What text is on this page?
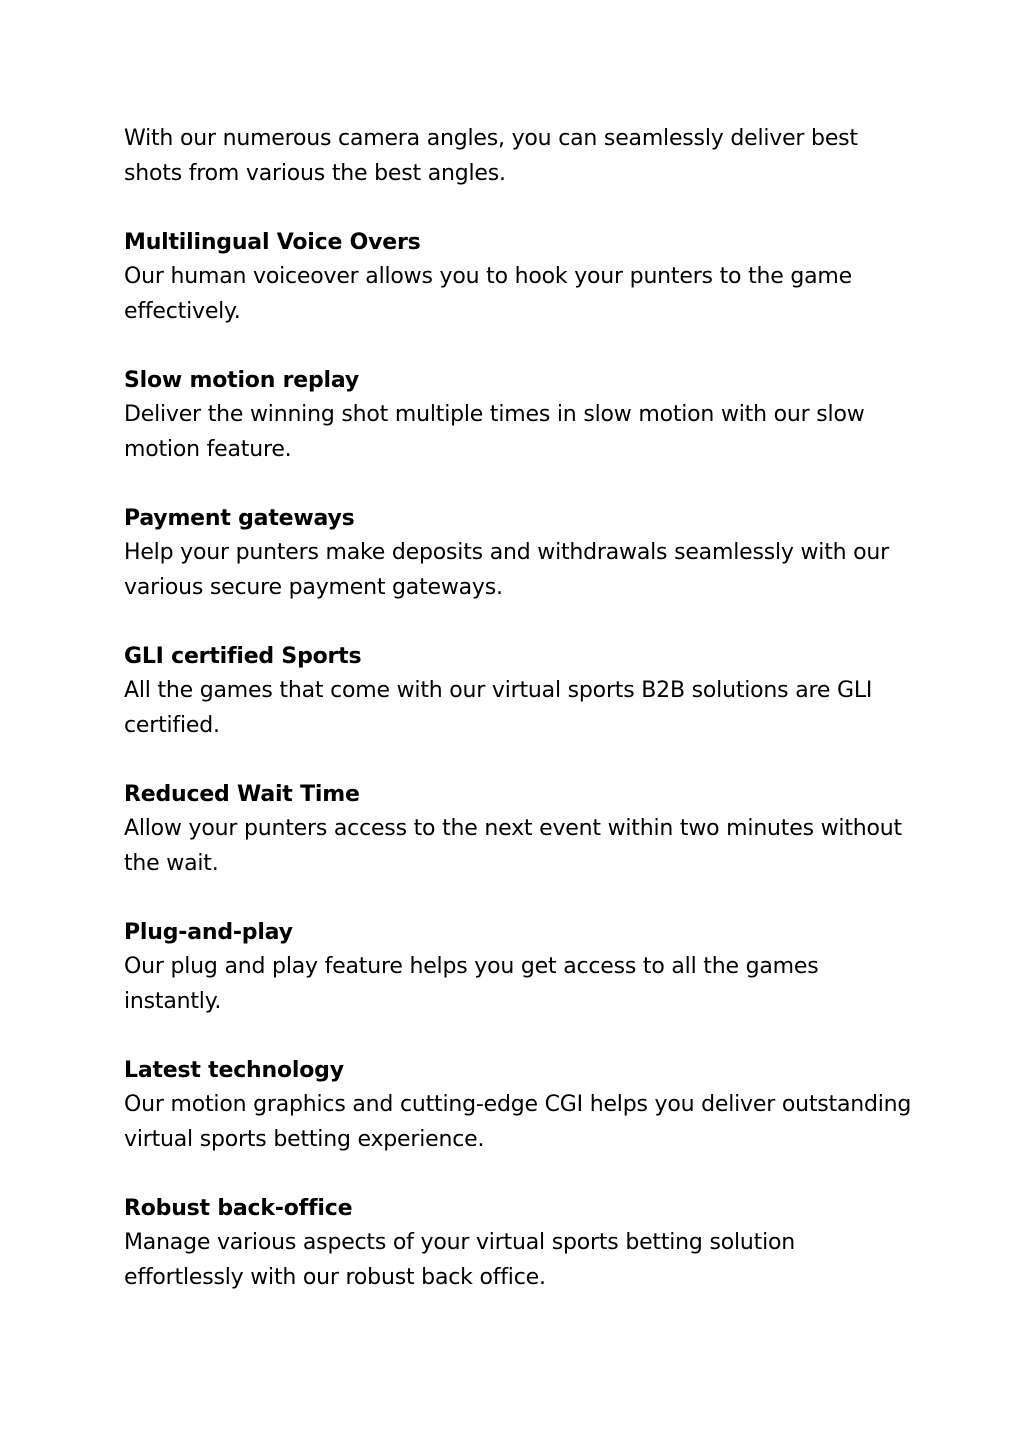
With our numerous camera angles, you can seamlessly deliver best shots from various the best angles.

Multilingual Voice Overs
Our human voiceover allows you to hook your punters to the game effectively.
Slow motion replay
Deliver the winning shot multiple times in slow motion with our slow motion feature.
Payment gateways
Help your punters make deposits and withdrawals seamlessly with our various secure payment gateways.
GLI certified Sports
All the games that come with our virtual sports B2B solutions are GLI certified.
Reduced Wait Time
Allow your punters access to the next event within two minutes without the wait.
Plug-and-play
Our plug and play feature helps you get access to all the games instantly.
Latest technology
Our motion graphics and cutting-edge CGI helps you deliver outstanding virtual sports betting experience.
Robust back-office
Manage various aspects of your virtual sports betting solution effortlessly with our robust back office.
